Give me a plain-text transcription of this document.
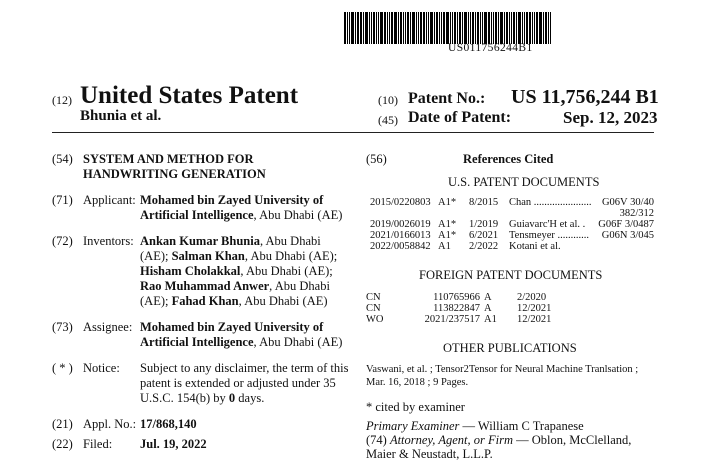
US011756244B1
(12) United States Patent
Bhunia et al.
(10) Patent No.: US 11,756,244 B1
(45) Date of Patent:	Sep. 12, 2023
(54) SYSTEM AND METHOD FOR
HANDWRITING GENERATION
(71) Applicant: Mohamed bin Zayed University of
Artificial Intelligence, Abu Dhabi (AE)
(72) Inventors: Ankan Kumar Bhunia, Abu Dhabi
(AE); Salman Khan, Abu Dhabi (AE);
Hisham Cholakkal, Abu Dhabi (AE);
Rao Muhammad Anwer, Abu Dhabi
(AE); Fahad Khan, Abu Dhabi (AE)
(73) Assignee: Mohamed bin Zayed University of
Artificial Intelligence, Abu Dhabi (AE)
( * ) Notice: Subject to any disclaimer, the term of this
patent is extended or adjusted under 35
U.S.C. 154(b) by 0 days.
(21) Appl. No.: 17/868,140
(22) Filed: Jul. 19, 2022
(56)	References Cited
U.S. PATENT DOCUMENTS
2015/0220803 A1* 8/2015 Chan ...................... G06V 30/40
382/312
2019/0026019 A1* 1/2019 Guiavarc'H et al. . G06F 3/0487
2021/0166013 A1* 6/2021 Tensmeyer ............ G06N 3/045
2022/0058842 A1 2/2022 Kotani et al.
FOREIGN PATENT DOCUMENTS
CN	110765966 A 2/2020
CN	113822847 A 12/2021
WO	2021/237517 A1 12/2021
OTHER PUBLICATIONS
Vaswani, et al. ; Tensor2Tensor for Neural Machine Tranlsation ;
Mar. 16, 2018 ; 9 Pages.
* cited by examiner
Primary Examiner — William C Trapanese
(74) Attorney, Agent, or Firm — Oblon, McClelland,
Maier & Neustadt, L.L.P.
